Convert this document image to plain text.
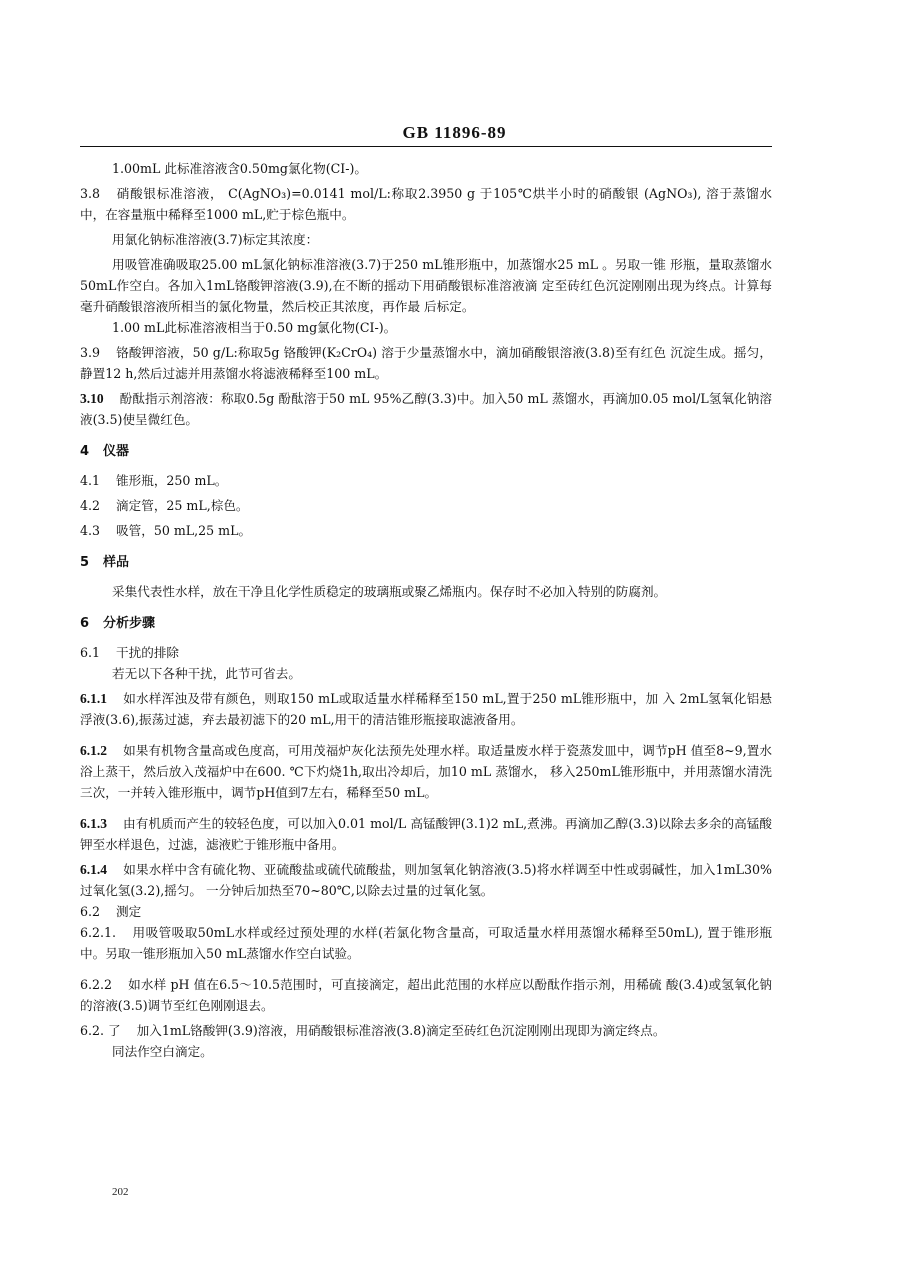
GB 11896-89

1.00mL 此标准溶液含0.50mg氯化物(CI-)。

3.8 硝酸银标准溶液， C(AgNO₃)=0.0141 mol/L:称取2.3950 g 于105℃烘半小时的硝酸银 (AgNO₃), 溶于蒸馏水中，在容量瓶中稀释至1000 mL,贮于棕色瓶中。

用氯化钠标准溶液(3.7)标定其浓度：

用吸管准确吸取25.00 mL氯化钠标准溶液(3.7)于250 mL锥形瓶中，加蒸馏水25 mL 。另取一锥 形瓶，量取蒸馏水50mL作空白。各加入1mL铬酸钾溶液(3.9),在不断的摇动下用硝酸银标准溶液滴 定至砖红色沉淀刚刚出现为终点。计算每毫升硝酸银溶液所相当的氯化物量，然后校正其浓度，再作最 后标定。

1.00 mL此标准溶液相当于0.50 mg氯化物(CI-)。

3.9 铬酸钾溶液，50 g/L:称取5g 铬酸钾(K₂CrO₄) 溶于少量蒸馏水中，滴加硝酸银溶液(3.8)至有红色 沉淀生成。摇匀，静置12 h,然后过滤并用蒸馏水将滤液稀释至100 mL。

3.10 酚酞指示剂溶液：称取0.5g 酚酞溶于50 mL 95%乙醇(3.3)中。加入50 mL 蒸馏水，再滴加0.05 mol/L氢氧化钠溶液(3.5)使呈微红色。

4 仪器

4.1 锥形瓶，250 mL。

4.2 滴定管，25 mL,棕色。

4.3 吸管，50 mL,25 mL。

5 样品

采集代表性水样，放在干净且化学性质稳定的玻璃瓶或聚乙烯瓶内。保存时不必加入特别的防腐剂。

6 分析步骤

6.1 干扰的排除

若无以下各种干扰，此节可省去。

6.1.1 如水样浑浊及带有颜色，则取150 mL或取适量水样稀释至150 mL,置于250 mL锥形瓶中，加 入 2mL氢氧化铝悬浮液(3.6),振荡过滤，弃去最初滤下的20 mL,用干的清洁锥形瓶接取滤液备用。

6.1.2 如果有机物含量高或色度高，可用茂福炉灰化法预先处理水样。取适量废水样于瓷蒸发皿中，调节pH 值至8~9,置水浴上蒸干，然后放入茂福炉中在600. ℃下灼烧1h,取出冷却后，加10 mL 蒸馏水， 移入250mL锥形瓶中，并用蒸馏水清洗三次，一并转入锥形瓶中，调节pH值到7左右，稀释至50 mL。

6.1.3 由有机质而产生的较轻色度，可以加入0.01 mol/L 高锰酸钾(3.1)2 mL,煮沸。再滴加乙醇(3.3)以除去多余的高锰酸钾至水样退色，过滤，滤液贮于锥形瓶中备用。

6.1.4 如果水样中含有硫化物、亚硫酸盐或硫代硫酸盐，则加氢氧化钠溶液(3.5)将水样调至中性或弱碱性，加入1mL30% 过氧化氢(3.2),摇匀。 一分钟后加热至70~80℃,以除去过量的过氧化氢。

6.2 测定

6.2.1. 用吸管吸取50mL水样或经过预处理的水样(若氯化物含量高，可取适量水样用蒸馏水稀释至50mL), 置于锥形瓶中。另取一锥形瓶加入50 mL蒸馏水作空白试验。

6.2.2 如水样 pH 值在6.5～10.5范围时，可直接滴定，超出此范围的水样应以酚酞作指示剂，用稀硫 酸(3.4)或氢氧化钠的溶液(3.5)调节至红色刚刚退去。

6.2. 了 加入1mL铬酸钾(3.9)溶液，用硝酸银标准溶液(3.8)滴定至砖红色沉淀刚刚出现即为滴定终点。

同法作空白滴定。

202
